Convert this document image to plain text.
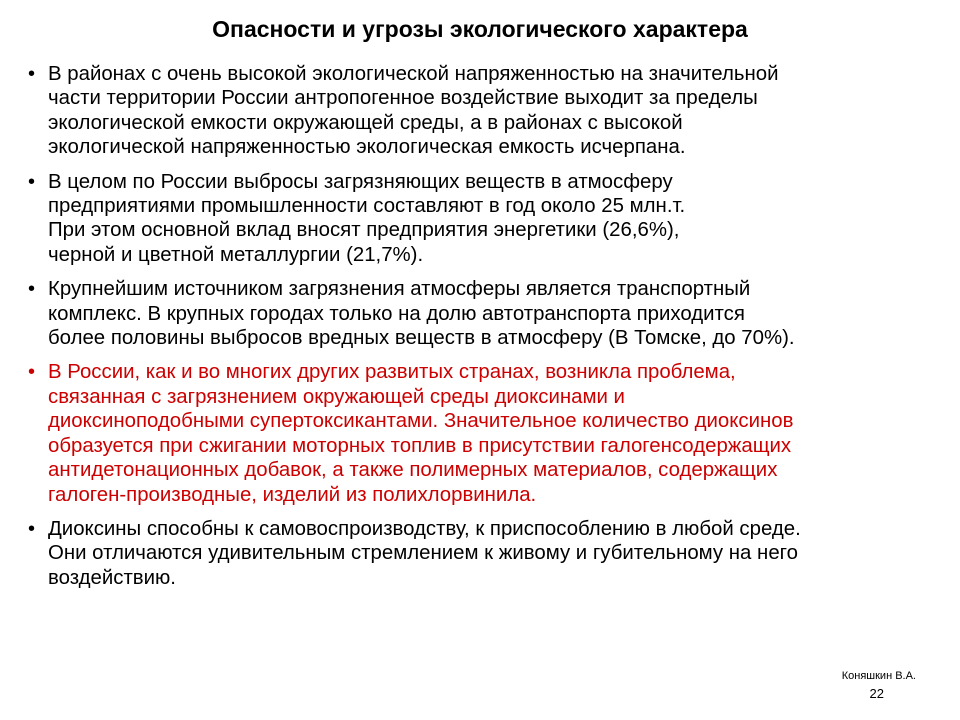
Опасности и угрозы экологического характера
• В районах с очень высокой экологической напряженностью на значительной
части территории России антропогенное воздействие выходит за пределы
экологической емкости окружающей среды, а в районах с высокой
экологической напряженностью экологическая емкость исчерпана.
• В целом по России выбросы загрязняющих веществ в атмосферу
предприятиями промышленности составляют в год около 25 млн.т.
При этом основной вклад вносят предприятия энергетики (26,6%),
черной и цветной металлургии (21,7%).
• Крупнейшим источником загрязнения атмосферы является транспортный
комплекс. В крупных городах только на долю автотранспорта приходится
более половины выбросов вредных веществ в атмосферу (В Томске, до 70%).
• В России, как и во многих других развитых странах, возникла проблема,
связанная с загрязнением окружающей среды диоксинами и
диоксиноподобными супертоксикантами. Значительное количество диоксинов
образуется при сжигании моторных топлив в присутствии галогенсодержащих
антидетонационных добавок, а также полимерных материалов, содержащих
галоген-производные, изделий из полихлорвинила.
• Диоксины способны к самовоспроизводству, к приспособлению в любой среде.
Они отличаются удивительным стремлением к живому и губительному на него
воздействию.
Коняшкин В.А.
22
